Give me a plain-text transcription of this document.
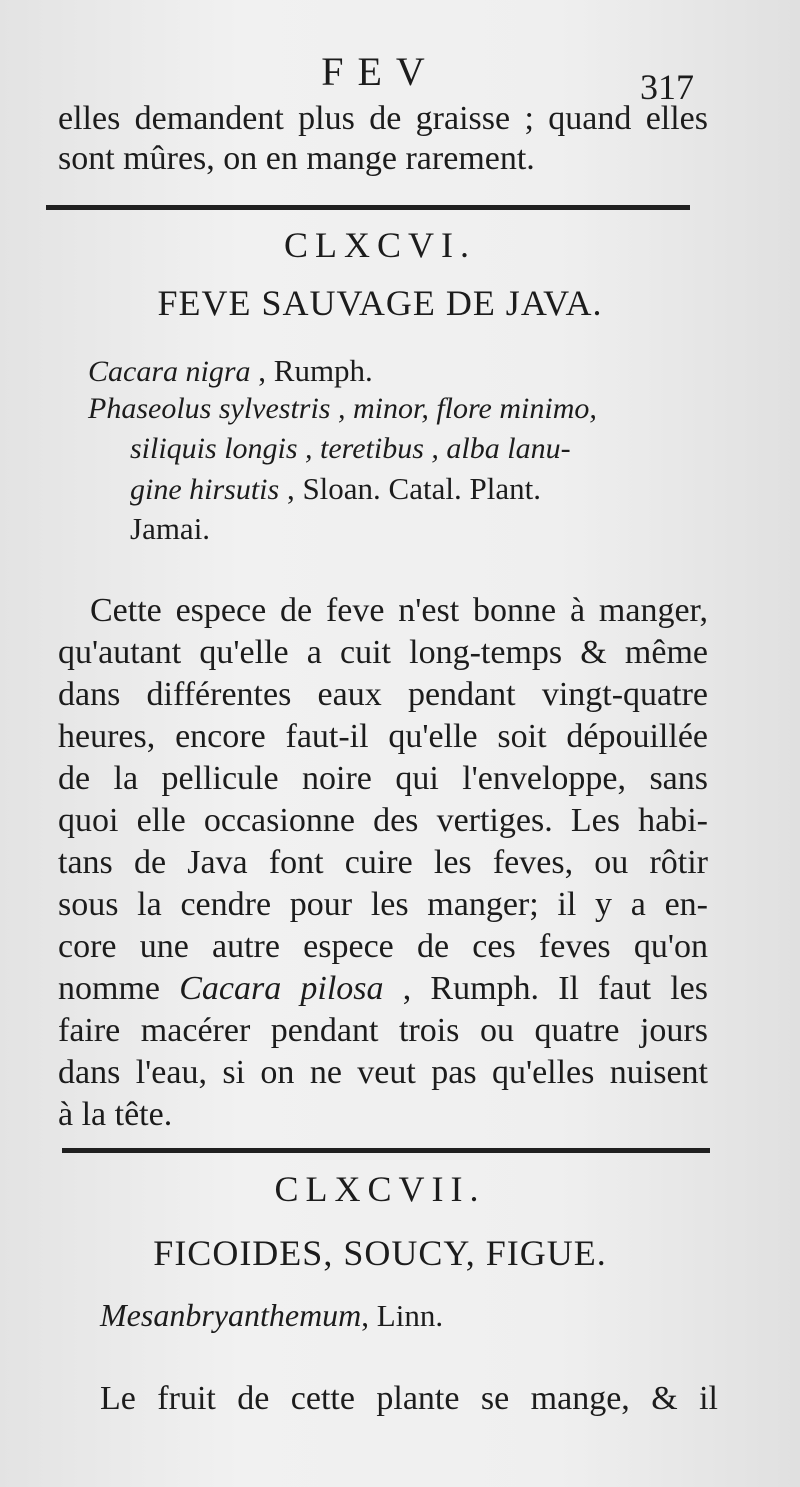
FEV	317
elles demandent plus de graisse ; quand elles
sont mûres, on en mange rarement.
CLXCVI.
FEVE SAUVAGE DE JAVA.
Cacara nigra , Rumph.
Phaseolus sylvestris , minor, flore minimo,
siliquis longis , teretibus , alba lanu-
gine hirsutis , Sloan. Catal. Plant.
Jamai.
Cette espece de feve n'est bonne à manger,
qu'autant qu'elle a cuit long-temps & même
dans différentes eaux pendant vingt-quatre
heures, encore faut-il qu'elle soit dépouillée
de la pellicule noire qui l'enveloppe, sans
quoi elle occasionne des vertiges. Les habi-
tans de Java font cuire les feves, ou rôtir
sous la cendre pour les manger; il y a en-
core une autre espece de ces feves qu'on
nomme Cacara pilosa , Rumph. Il faut les
faire macérer pendant trois ou quatre jours
dans l'eau, si on ne veut pas qu'elles nuisent
à la tête.
CLXCVII.
FICOIDES, SOUCY, FIGUE.
Mesanbryanthemum, Linn.
Le fruit de cette plante se mange, & il
